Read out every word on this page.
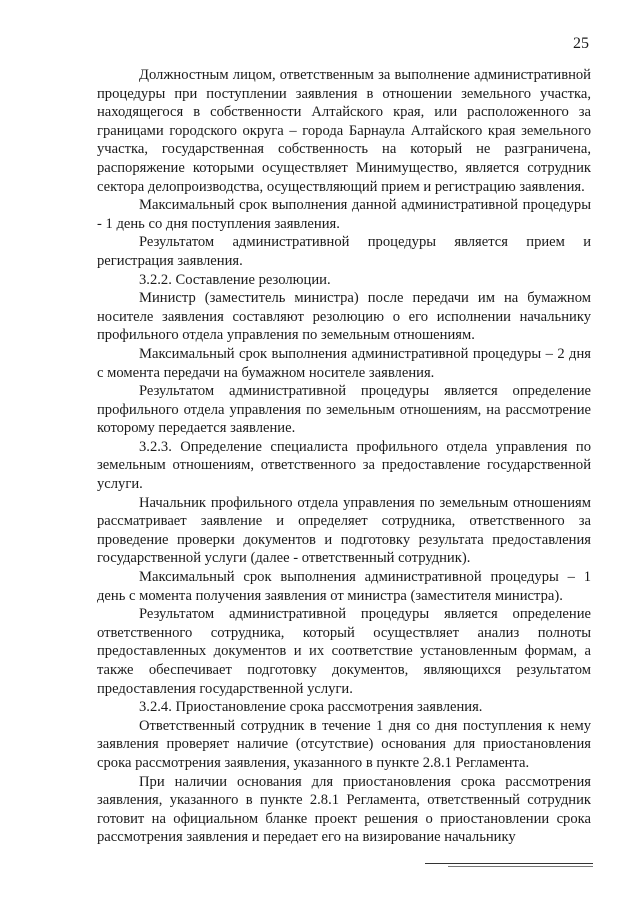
25

Должностным лицом, ответственным за выполнение административной процедуры при поступлении заявления в отношении земельного участка, находящегося в собственности Алтайского края, или расположенного за границами городского округа – города Барнаула Алтайского края земельного участка, государственная собственность на который не разграничена, распоряжение которыми осуществляет Минимущество, является сотрудник сектора делопроизводства, осуществляющий прием и регистрацию заявления.

Максимальный срок выполнения данной административной процедуры - 1 день со дня поступления заявления.

Результатом административной процедуры является прием и регистрация заявления.

3.2.2. Составление резолюции.

Министр (заместитель министра) после передачи им на бумажном носителе заявления составляют резолюцию о его исполнении начальнику профильного отдела управления по земельным отношениям.

Максимальный срок выполнения административной процедуры – 2 дня с момента передачи на бумажном носителе заявления.

Результатом административной процедуры является определение профильного отдела управления по земельным отношениям, на рассмотрение которому передается заявление.

3.2.3. Определение специалиста профильного отдела управления по земельным отношениям, ответственного за предоставление государственной услуги.

Начальник профильного отдела управления по земельным отношениям рассматривает заявление и определяет сотрудника, ответственного за проведение проверки документов и подготовку результата предоставления государственной услуги (далее - ответственный сотрудник).

Максимальный срок выполнения административной процедуры – 1 день с момента получения заявления от министра (заместителя министра).

Результатом административной процедуры является определение ответственного сотрудника, который осуществляет анализ полноты предоставленных документов и их соответствие установленным формам, а также обеспечивает подготовку документов, являющихся результатом предоставления государственной услуги.

3.2.4. Приостановление срока рассмотрения заявления.

Ответственный сотрудник в течение 1 дня со дня поступления к нему заявления проверяет наличие (отсутствие) основания для приостановления срока рассмотрения заявления, указанного в пункте 2.8.1 Регламента.

При наличии основания для приостановления срока рассмотрения заявления, указанного в пункте 2.8.1 Регламента, ответственный сотрудник готовит на официальном бланке проект решения о приостановлении срока рассмотрения заявления и передает его на визирование начальнику
